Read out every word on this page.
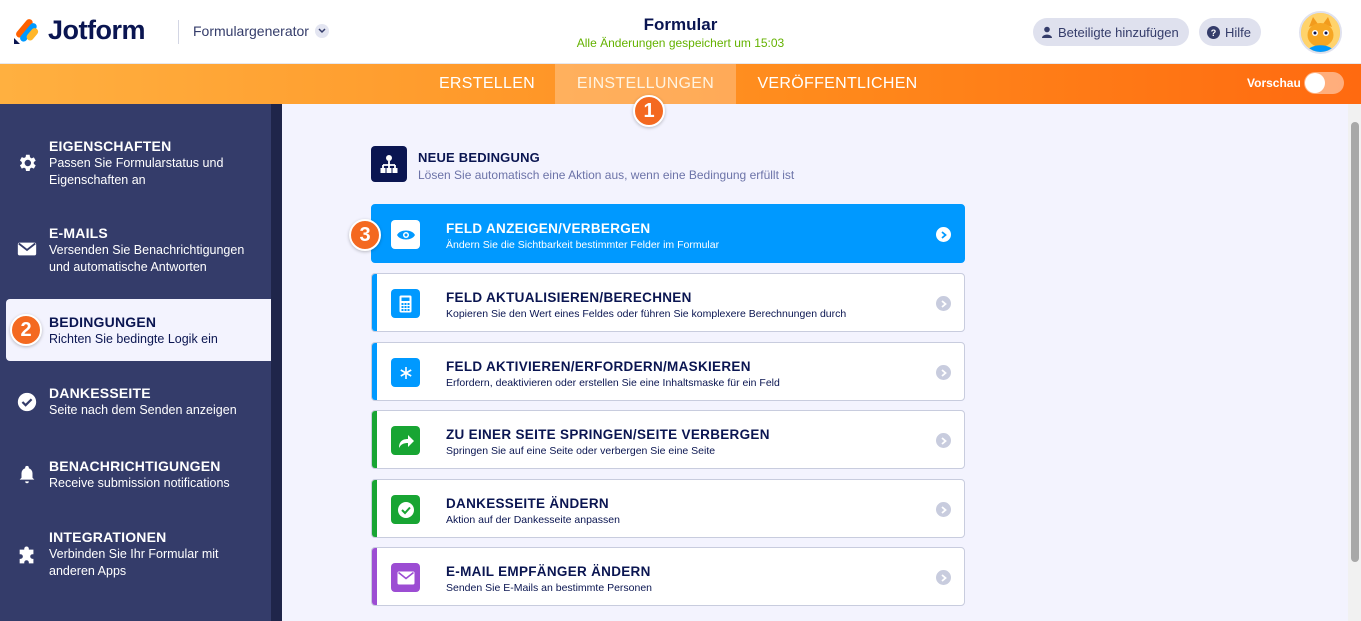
Jotform	Formulargenerator	Formular
Alle Änderungen gespeichert um 15:03
Beteiligte hinzufügen	? Hilfe
ERSTELLEN	EINSTELLUNGEN	VERÖFFENTLICHEN	Vorschau
EIGENSCHAFTEN
Passen Sie Formularstatus und Eigenschaften an
E-MAILS
Versenden Sie Benachrichtigungen und automatische Antworten
BEDINGUNGEN
Richten Sie bedingte Logik ein
DANKESSEITE
Seite nach dem Senden anzeigen
BENACHRICHTIGUNGEN
Receive submission notifications
INTEGRATIONEN
Verbinden Sie Ihr Formular mit anderen Apps
NEUE BEDINGUNG
Lösen Sie automatisch eine Aktion aus, wenn eine Bedingung erfüllt ist
FELD ANZEIGEN/VERBERGEN
Ändern Sie die Sichtbarkeit bestimmter Felder im Formular
FELD AKTUALISIEREN/BERECHNEN
Kopieren Sie den Wert eines Feldes oder führen Sie komplexere Berechnungen durch
FELD AKTIVIEREN/ERFORDERN/MASKIEREN
Erfordern, deaktivieren oder erstellen Sie eine Inhaltsmaske für ein Feld
ZU EINER SEITE SPRINGEN/SEITE VERBERGEN
Springen Sie auf eine Seite oder verbergen Sie eine Seite
DANKESSEITE ÄNDERN
Aktion auf der Dankesseite anpassen
E-MAIL EMPFÄNGER ÄNDERN
Senden Sie E-Mails an bestimmte Personen
1
2
3
